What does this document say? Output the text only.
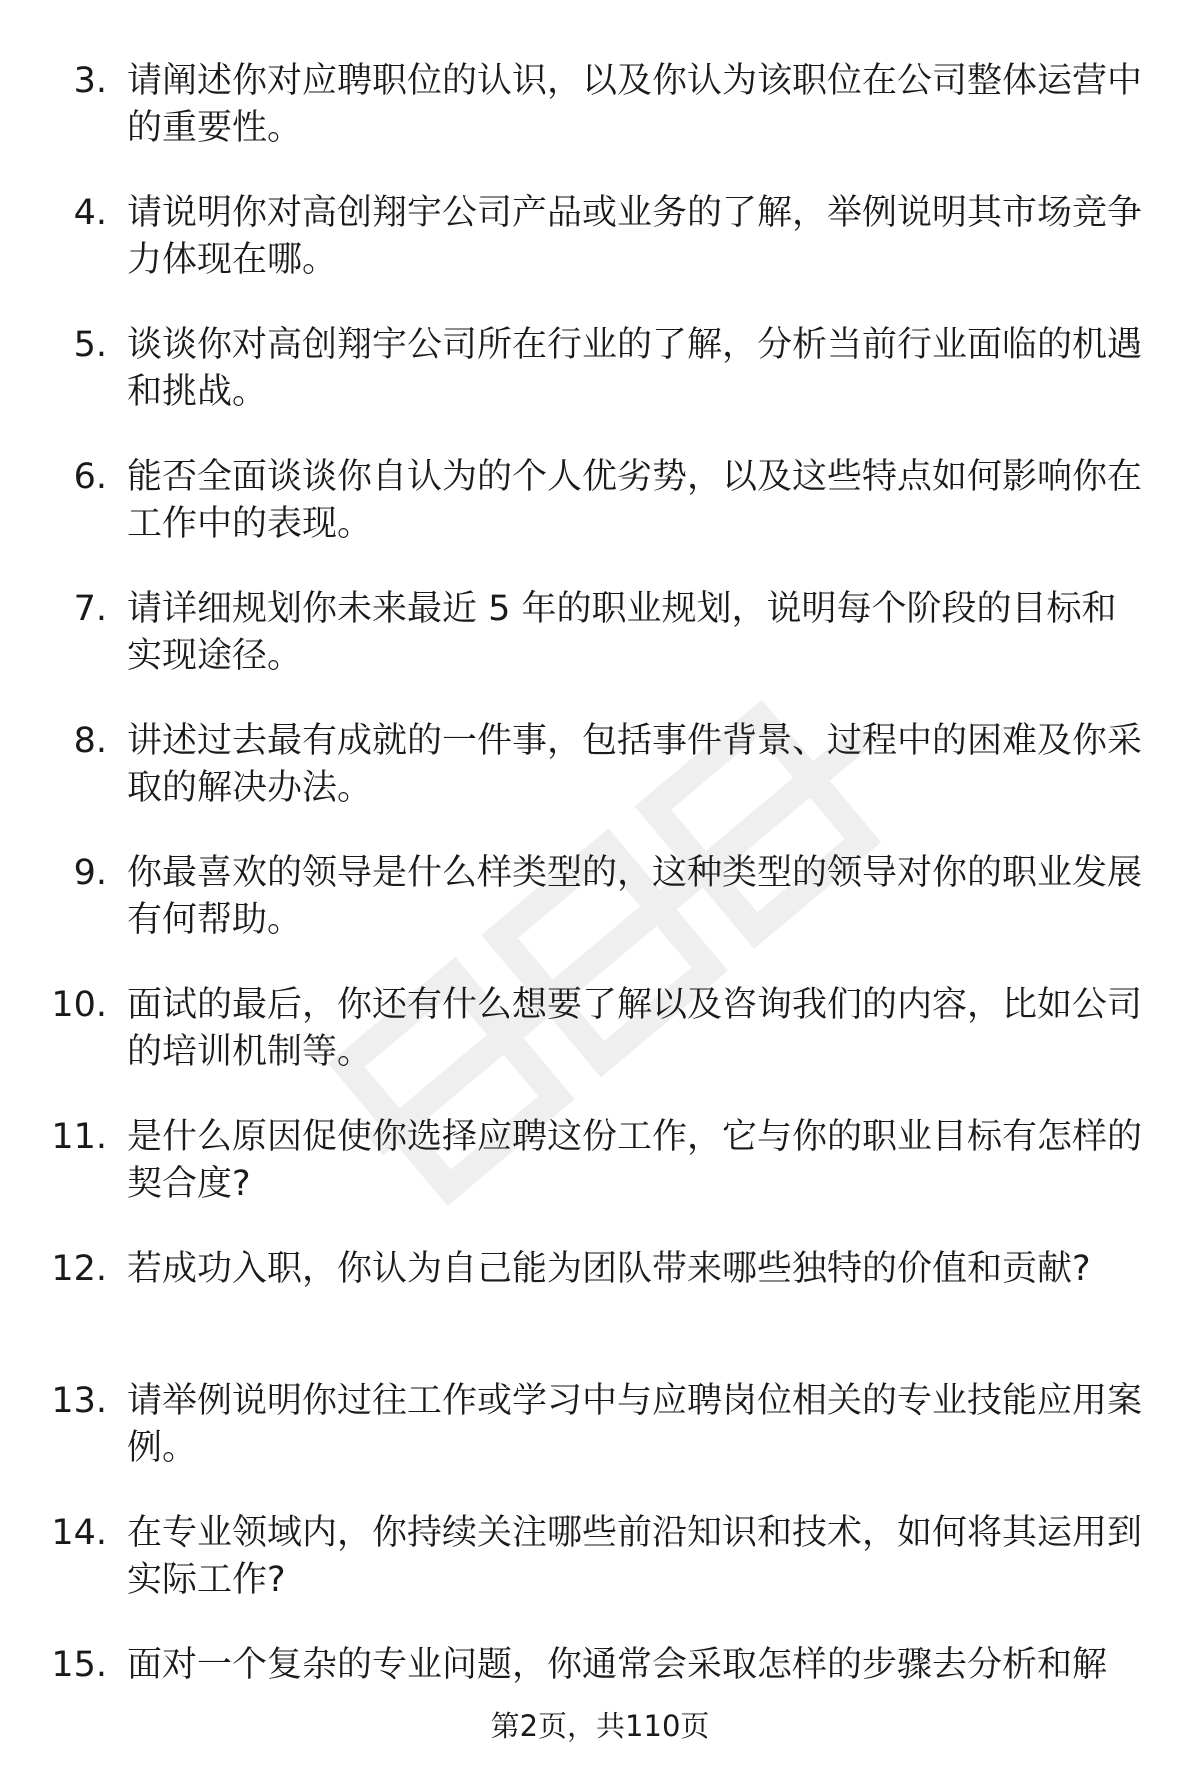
3. 请阐述你对应聘职位的认识，以及你认为该职位在公司整体运营中的重要性。

4. 请说明你对高创翔宇公司产品或业务的了解，举例说明其市场竞争力体现在哪。

5. 谈谈你对高创翔宇公司所在行业的了解，分析当前行业面临的机遇和挑战。

6. 能否全面谈谈你自认为的个人优劣势，以及这些特点如何影响你在工作中的表现。

7. 请详细规划你未来最近 5 年的职业规划，说明每个阶段的目标和实现途径。

8. 讲述过去最有成就的一件事，包括事件背景、过程中的困难及你采取的解决办法。

9. 你最喜欢的领导是什么样类型的，这种类型的领导对你的职业发展有何帮助。

10. 面试的最后，你还有什么想要了解以及咨询我们的内容，比如公司的培训机制等。

11. 是什么原因促使你选择应聘这份工作，它与你的职业目标有怎样的契合度?

12. 若成功入职，你认为自己能为团队带来哪些独特的价值和贡献?

13. 请举例说明你过往工作或学习中与应聘岗位相关的专业技能应用案例。

14. 在专业领域内，你持续关注哪些前沿知识和技术，如何将其运用到实际工作?

15. 面对一个复杂的专业问题，你通常会采取怎样的步骤去分析和解

第2页，共110页
